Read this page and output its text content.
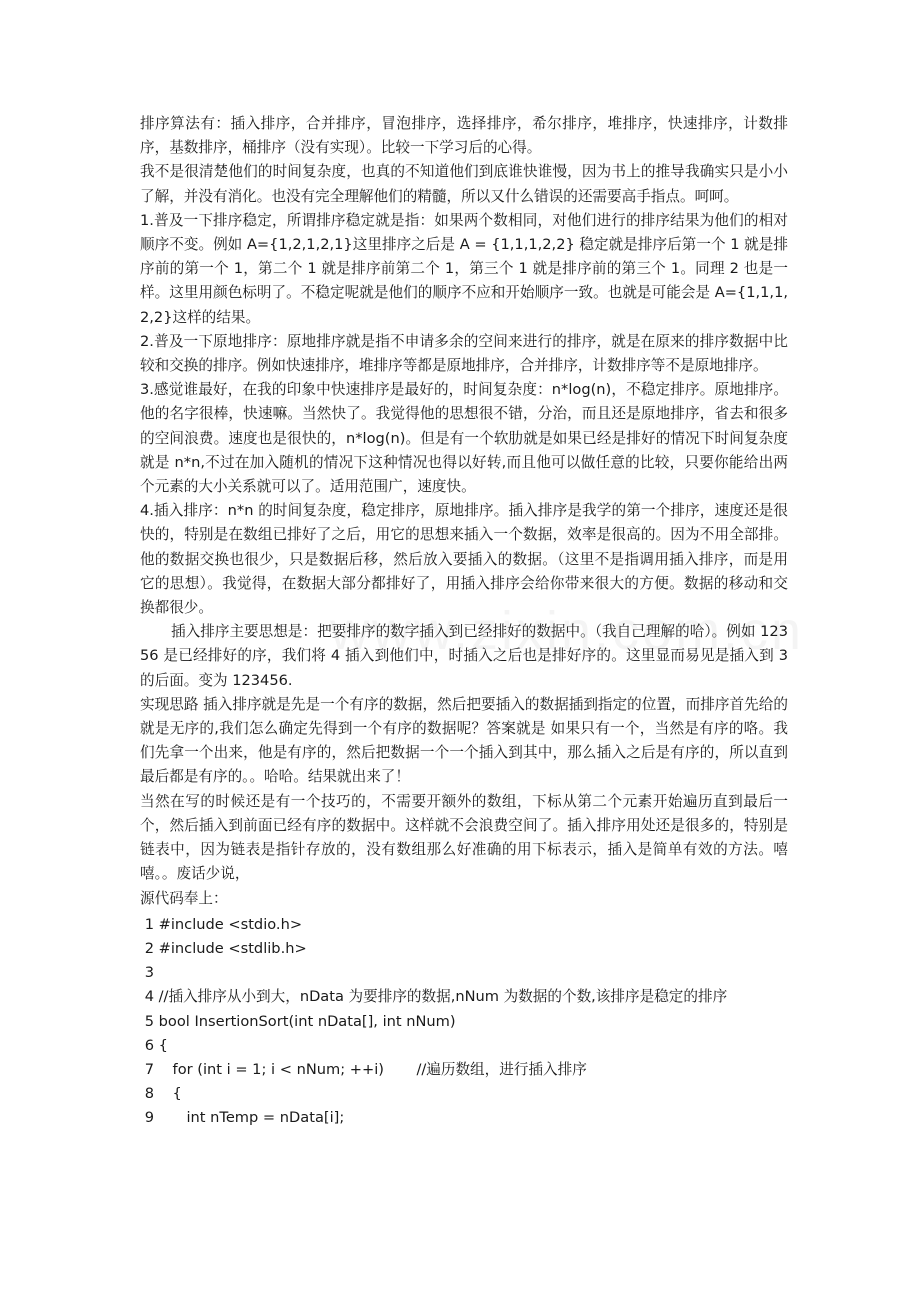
排序算法有：插入排序，合并排序，冒泡排序，选择排序，希尔排序，堆排序，快速排序，计数排序，基数排序，桶排序（没有实现）。比较一下学习后的心得。

我不是很清楚他们的时间复杂度，也真的不知道他们到底谁快谁慢，因为书上的推导我确实只是小小了解，并没有消化。也没有完全理解他们的精髓，所以又什么错误的还需要高手指点。呵呵。

1.普及一下排序稳定，所谓排序稳定就是指：如果两个数相同，对他们进行的排序结果为他们的相对顺序不变。例如 A={1,2,1,2,1}这里排序之后是 A = {1,1,1,2,2} 稳定就是排序后第一个 1 就是排序前的第一个 1，第二个 1 就是排序前第二个 1，第三个 1 就是排序前的第三个 1。同理 2 也是一样。这里用颜色标明了。不稳定呢就是他们的顺序不应和开始顺序一致。也就是可能会是 A={1,1,1,2,2}这样的结果。

2.普及一下原地排序：原地排序就是指不申请多余的空间来进行的排序，就是在原来的排序数据中比较和交换的排序。例如快速排序，堆排序等都是原地排序，合并排序，计数排序等不是原地排序。

3.感觉谁最好，在我的印象中快速排序是最好的，时间复杂度：n*log(n)，不稳定排序。原地排序。他的名字很棒，快速嘛。当然快了。我觉得他的思想很不错，分治，而且还是原地排序，省去和很多的空间浪费。速度也是很快的，n*log(n)。但是有一个软肋就是如果已经是排好的情况下时间复杂度就是 n*n,不过在加入随机的情况下这种情况也得以好转,而且他可以做任意的比较，只要你能给出两个元素的大小关系就可以了。适用范围广，速度快。

4.插入排序：n*n 的时间复杂度，稳定排序，原地排序。插入排序是我学的第一个排序，速度还是很快的，特别是在数组已排好了之后，用它的思想来插入一个数据，效率是很高的。因为不用全部排。他的数据交换也很少，只是数据后移，然后放入要插入的数据。（这里不是指调用插入排序，而是用它的思想）。我觉得，在数据大部分都排好了，用插入排序会给你带来很大的方便。数据的移动和交换都很少。

插入排序主要思想是：把要排序的数字插入到已经排好的数据中。（我自己理解的哈）。例如 12356 是已经排好的序，我们将 4 插入到他们中，时插入之后也是排好序的。这里显而易见是插入到 3 的后面。变为 123456.

实现思路 插入排序就是先是一个有序的数据，然后把要插入的数据插到指定的位置，而排序首先给的就是无序的,我们怎么确定先得到一个有序的数据呢？答案就是 如果只有一个，当然是有序的咯。我们先拿一个出来，他是有序的，然后把数据一个一个插入到其中，那么插入之后是有序的，所以直到最后都是有序的。。哈哈。结果就出来了！

当然在写的时候还是有一个技巧的，不需要开额外的数组，下标从第二个元素开始遍历直到最后一个，然后插入到前面已经有序的数据中。这样就不会浪费空间了。插入排序用处还是很多的，特别是链表中，因为链表是指针存放的，没有数组那么好准确的用下标表示，插入是简单有效的方法。嘻嘻。。废话少说，

源代码奉上：

1
#include <stdio.h>
2
#include <stdlib.h>
3

4
//插入排序从小到大，nData 为要排序的数据,nNum 为数据的个数,该排序是稳定的排序
5
bool InsertionSort(int nData[], int nNum)
6
{
7
for (int i = 1; i < nNum; ++i)       //遍历数组，进行插入排序
8
{
9
int nTemp = nData[i];
